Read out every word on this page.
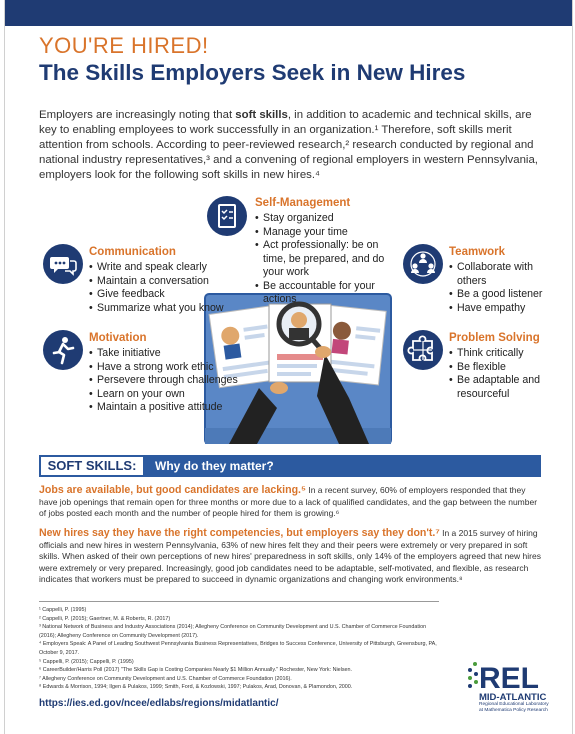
YOU'RE HIRED!
The Skills Employers Seek in New Hires
Employers are increasingly noting that soft skills, in addition to academic and technical skills, are key to enabling employees to work successfully in an organization.¹ Therefore, soft skills merit attention from schools. According to peer-reviewed research,² research conducted by regional and national industry representatives,³ and a convening of regional employers in western Pennsylvania, employers look for the following soft skills in new hires.⁴
Self-Management
• Stay organized
• Manage your time
• Act professionally: be on time, be prepared, and do your work
• Be accountable for your actions
Communication
• Write and speak clearly
• Maintain a conversation
• Give feedback
• Summarize what you know
Teamwork
• Collaborate with others
• Be a good listener
• Have empathy
Motivation
• Take initiative
• Have a strong work ethic
• Persevere through challenges
• Learn on your own
• Maintain a positive attitude
Problem Solving
• Think critically
• Be flexible
• Be adaptable and resourceful
SOFT SKILLS:	Why do they matter?
Jobs are available, but good candidates are lacking.⁵ In a recent survey, 60% of employers responded that they have job openings that remain open for three months or more due to a lack of qualified candidates, and the gap between the number of jobs posted each month and the number of people hired for them is growing.⁶
New hires say they have the right competencies, but employers say they don't.⁷ In a 2015 survey of hiring officials and new hires in western Pennsylvania, 63% of new hires felt they and their peers were extremely or very prepared in soft skills. When asked of their own perceptions of new hires' preparedness in soft skills, only 14% of the employers agreed that new hires were extremely or very prepared. Increasingly, good job candidates need to be adaptable, self-motivated, and flexible, as research indicates that workers must be prepared to succeed in dynamic organizations and changing work environments.⁸
¹ Cappelli, P. (1995)
² Cappelli, P. (2015); Gaertner, M. & Roberts, R. (2017)
³ National Network of Business and Industry Associations (2014); Allegheny Conference on Community Development and U.S. Chamber of Commerce Foundation (2016); Allegheny Conference on Community Development (2017).
⁴ Employers Speak: A Panel of Leading Southwest Pennsylvania Business Representatives, Bridges to Success Conference, University of Pittsburgh, Greensburg, PA, October 9, 2017.
⁵ Cappelli, P. (2015); Cappelli, P. (1995)
⁶ CareerBuilder/Harris Poll (2017) "The Skills Gap is Costing Companies Nearly $1 Million Annually." Rochester, New York: Nielsen.
⁷ Allegheny Conference on Community Development and U.S. Chamber of Commerce Foundation (2016).
⁸ Edwards & Morrison, 1994; Ilgen & Pulakos, 1999; Smith, Ford, & Kozlowski, 1997; Pulakos, Arad, Donovan, & Plamondon, 2000.
https://ies.ed.gov/ncee/edlabs/regions/midatlantic/
REL
MID-ATLANTIC
Regional Educational Laboratory at Mathematica Policy Research
